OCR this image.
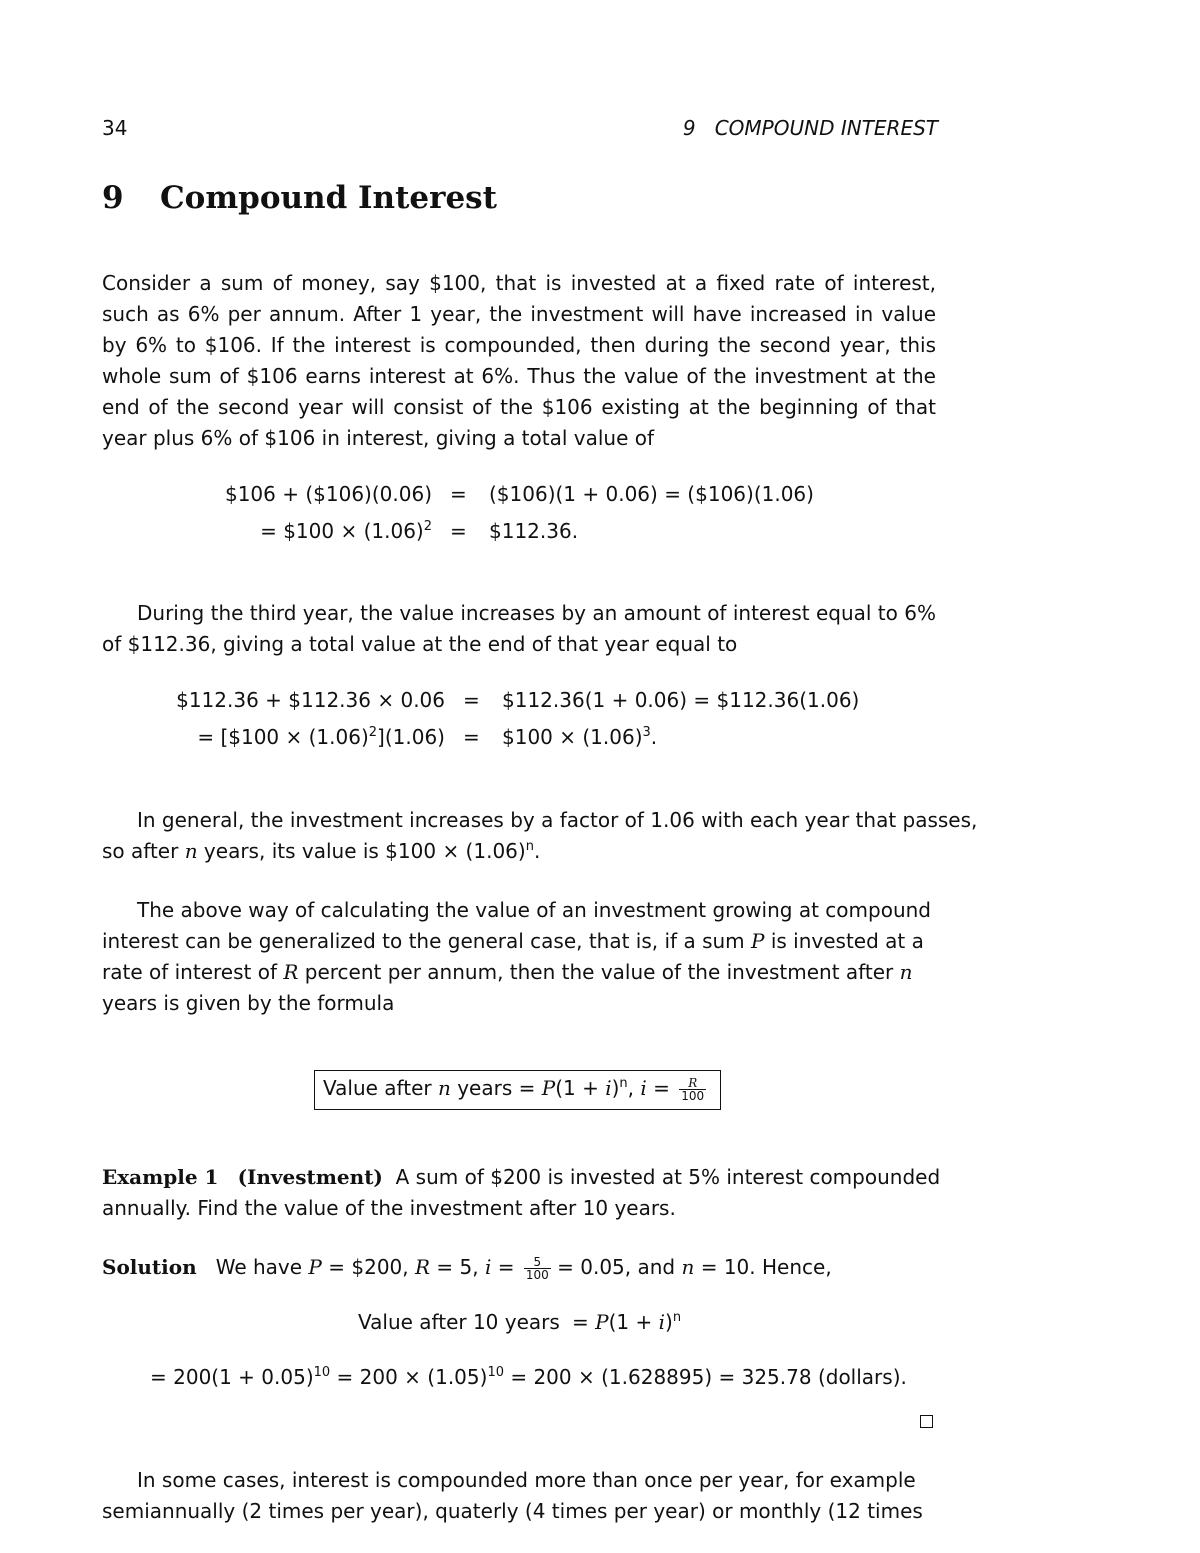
34	9   COMPOUND INTEREST
9 Compound Interest
Consider a sum of money, say $100, that is invested at a fixed rate of interest, such as 6% per annum. After 1 year, the investment will have increased in value by 6% to $106. If the interest is compounded, then during the second year, this whole sum of $106 earns interest at 6%. Thus the value of the investment at the end of the second year will consist of the $106 existing at the beginning of that year plus 6% of $106 in interest, giving a total value of
$106 + ($106)(0.06) = ($106)(1 + 0.06) = ($106)(1.06)
= $100 × $(1.06)^2$ = $112.36.
During the third year, the value increases by an amount of interest equal to 6% of $112.36, giving a total value at the end of that year equal to
$112.36 + $112.36 × 0.06 = $112.36(1 + 0.06) = $112.36(1.06)
= [$100 × $(1.06)^2](1.06)$ = $100 × $(1.06)^3$.
In general, the investment increases by a factor of 1.06 with each year that passes,
so after n years, its value is $100 × $(1.06)^n$.
The above way of calculating the value of an investment growing at compound
interest can be generalized to the general case, that is, if a sum P is invested at a
rate of interest of R percent per annum, then the value of the investment after n
years is given by the formula
Value after n years = $P(1 + i)^n$, $i = \frac{R}{100}$
Example 1 (Investment) A sum of $200 is invested at 5% interest compounded
annually. Find the value of the investment after 10 years.
Solution We have P = $200, R = 5, $i = \frac{5}{100} = 0.05$, and n = 10. Hence,
Value after 10 years = $P(1 + i)^n$
= $200(1 + 0.05)^{10} = 200 \times (1.05)^{10} = 200 \times (1.628895) = 325.78$ (dollars).
In some cases, interest is compounded more than once per year, for example
semiannually (2 times per year), quaterly (4 times per year) or monthly (12 times
